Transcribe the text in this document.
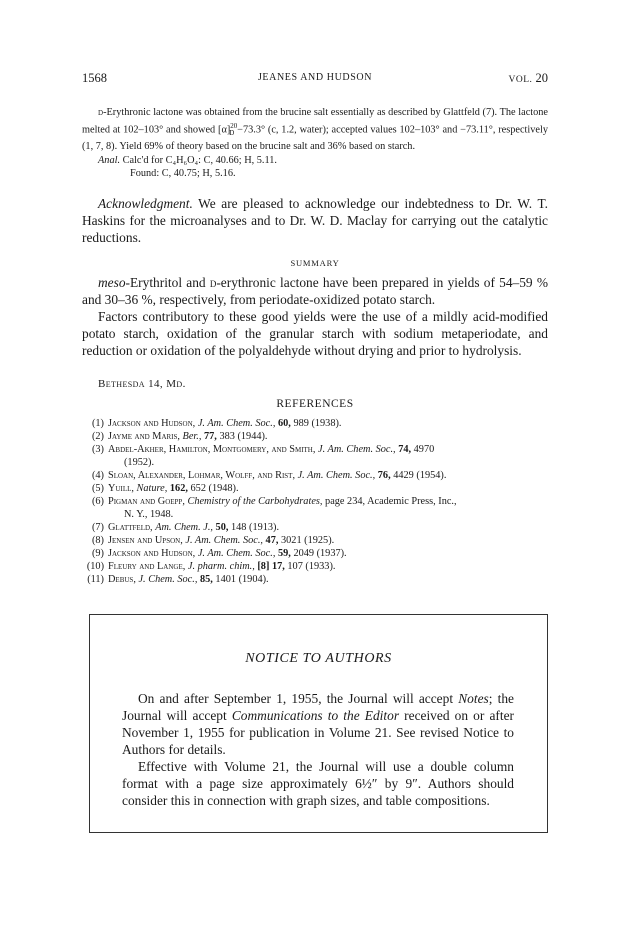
1568	JEANES AND HUDSON	VOL. 20

d-Erythronic lactone was obtained from the brucine salt essentially as described by Glattfeld (7). The lactone melted at 102–103° and showed $[\alpha]^{20}_D -73.3^\circ$ (c, 1.2, water); accepted values 102–103° and −73.11°, respectively (1, 7, 8). Yield 69% of theory based on the brucine salt and 36% based on starch.

Anal. Calc'd for C₄H₆O₄: C, 40.66; H, 5.11.

Found: C, 40.75; H, 5.16.

Acknowledgment. We are pleased to acknowledge our indebtedness to Dr. W. T. Haskins for the microanalyses and to Dr. W. D. Maclay for carrying out the catalytic reductions.
SUMMARY

meso-Erythritol and d-erythronic lactone have been prepared in yields of 54–59 % and 30–36 %, respectively, from periodate-oxidized potato starch.

Factors contributory to these good yields were the use of a mildly acid-modified potato starch, oxidation of the granular starch with sodium metaperiodate, and reduction or oxidation of the polyaldehyde without drying and prior to hydrolysis.

Bethesda 14, Md.
REFERENCES
(1) Jackson and Hudson, J. Am. Chem. Soc., 60, 989 (1938).
(2) Jayme and Maris, Ber., 77, 383 (1944).
(3) Abdel-Akher, Hamilton, Montgomery, and Smith, J. Am. Chem. Soc., 74, 4970
(1952).
(4) Sloan, Alexander, Lohmar, Wolff, and Rist, J. Am. Chem. Soc., 76, 4429 (1954).
(5) Yuill, Nature, 162, 652 (1948).
(6) Pigman and Goepp, Chemistry of the Carbohydrates, page 234, Academic Press, Inc.,
N. Y., 1948.
(7) Glattfeld, Am. Chem. J., 50, 148 (1913).
(8) Jensen and Upson, J. Am. Chem. Soc., 47, 3021 (1925).
(9) Jackson and Hudson, J. Am. Chem. Soc., 59, 2049 (1937).
(10) Fleury and Lange, J. pharm. chim., [8] 17, 107 (1933).
(11) Debus, J. Chem. Soc., 85, 1401 (1904).
NOTICE TO AUTHORS

On and after September 1, 1955, the Journal will accept Notes; the Journal will accept Communications to the Editor received on or after November 1, 1955 for publication in Volume 21. See revised Notice to Authors for details.

Effective with Volume 21, the Journal will use a double column format with a page size approximately 6½″ by 9″. Authors should consider this in connection with graph sizes, and table compositions.
